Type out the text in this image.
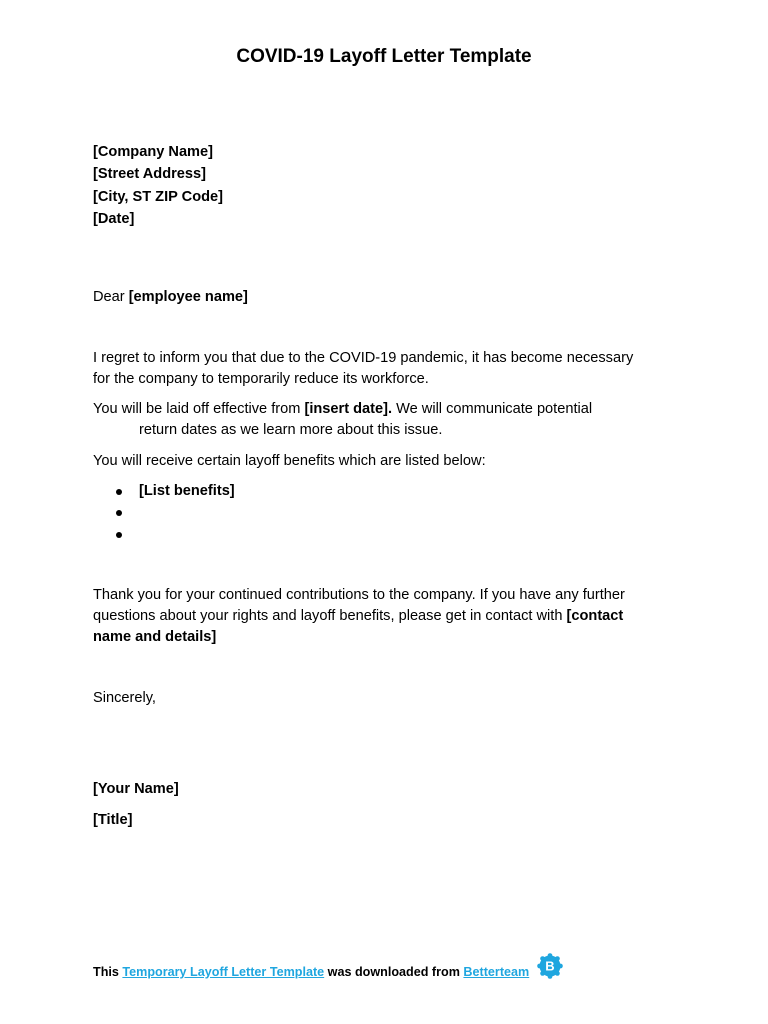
COVID-19 Layoff Letter Template
[Company Name]
[Street Address]
[City, ST ZIP Code]
[Date]
Dear [employee name]
I regret to inform you that due to the COVID-19 pandemic, it has become necessary
for the company to temporarily reduce its workforce.
You will be laid off effective from [insert date]. We will communicate potential
return dates as we learn more about this issue.
You will receive certain layoff benefits which are listed below:
[List benefits]
Thank you for your continued contributions to the company. If you have any further
questions about your rights and layoff benefits, please get in contact with [contact
name and details]
Sincerely,
[Your Name]
[Title]
This Temporary Layoff Letter Template was downloaded from Betterteam B
